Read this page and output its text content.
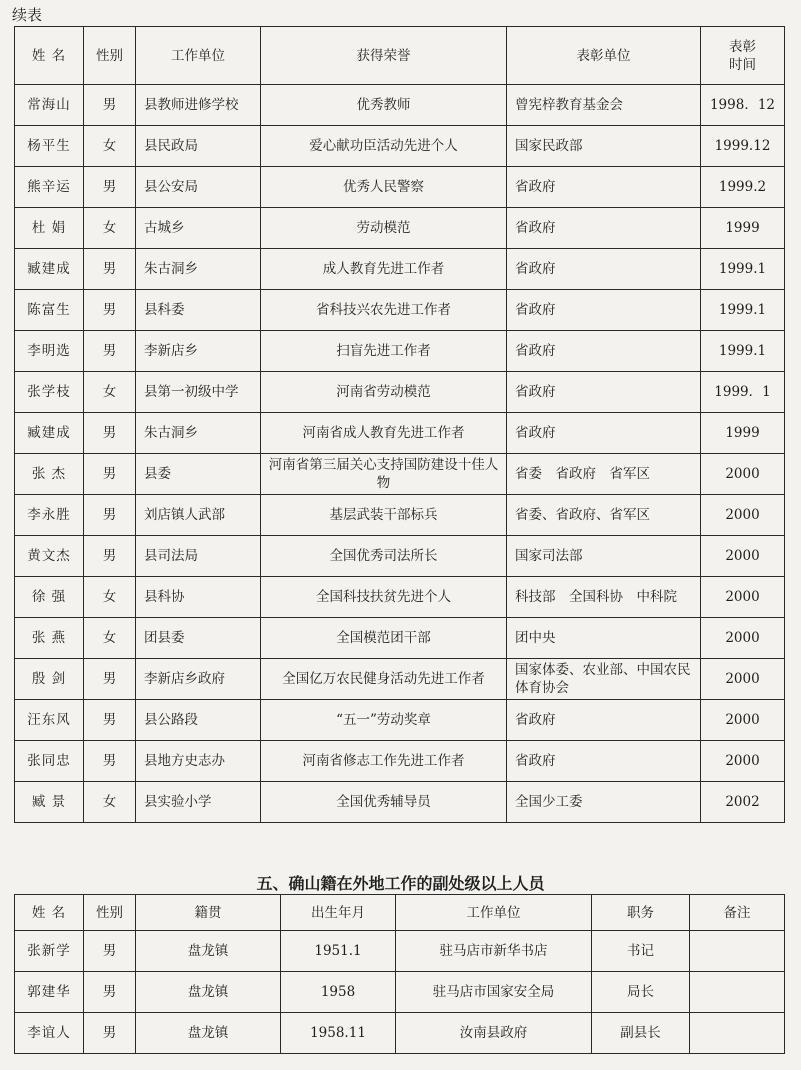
续表
姓 名	性别	工作单位	获得荣誉	表彰单位	表彰
时间

常海山	男	县教师进修学校	优秀教师	曾宪梓教育基金会	1998．12
杨平生	女	县民政局	爱心献功臣活动先进个人	国家民政部	1999.12
熊辛运	男	县公安局	优秀人民警察	省政府	1999.2
杜 娟	女	古城乡	劳动模范	省政府	1999
臧建成	男	朱古洞乡	成人教育先进工作者	省政府	1999.1
陈富生	男	县科委	省科技兴农先进工作者	省政府	1999.1
李明选	男	李新店乡	扫盲先进工作者	省政府	1999.1
张学枝	女	县第一初级中学	河南省劳动模范	省政府	1999．1
臧建成	男	朱古洞乡	河南省成人教育先进工作者	省政府	1999
张 杰	男	县委	河南省第三届关心支持国防建设十佳人物	省委　省政府　省军区	2000
李永胜	男	刘店镇人武部	基层武装干部标兵	省委、省政府、省军区	2000
黄文杰	男	县司法局	全国优秀司法所长	国家司法部	2000
徐 强	女	县科协	全国科技扶贫先进个人	科技部　全国科协　中科院	2000
张 燕	女	团县委	全国模范团干部	团中央	2000
殷 剑	男	李新店乡政府	全国亿万农民健身活动先进工作者	国家体委、农业部、中国农民体育协会	2000
汪东风	男	县公路段	“五一”劳动奖章	省政府	2000
张同忠	男	县地方史志办	河南省修志工作先进工作者	省政府	2000
臧 景	女	县实验小学	全国优秀辅导员	全国少工委	2002
五、确山籍在外地工作的副处级以上人员
姓 名	性别	籍贯	出生年月	工作单位	职务	备注
张新学	男	盘龙镇	1951.1	驻马店市新华书店	书记	
郭建华	男	盘龙镇	1958	驻马店市国家安全局	局长	
李谊人	男	盘龙镇	1958.11	汝南县政府	副县长	
